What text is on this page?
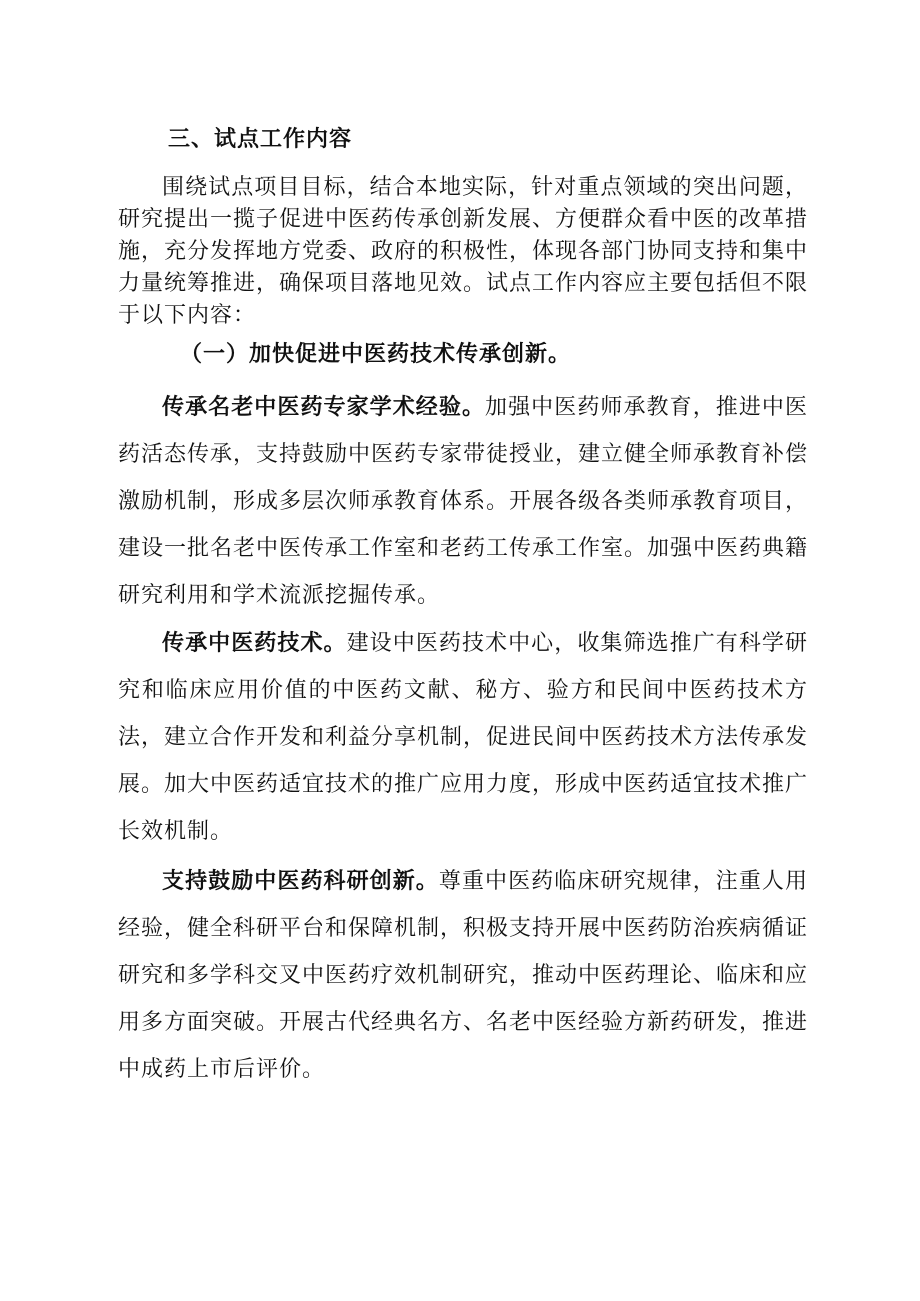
三、试点工作内容

围绕试点项目目标，结合本地实际，针对重点领域的突出问题，研究提出一揽子促进中医药传承创新发展、方便群众看中医的改革措施，充分发挥地方党委、政府的积极性，体现各部门协同支持和集中力量统筹推进，确保项目落地见效。试点工作内容应主要包括但不限于以下内容：

（一）加快促进中医药技术传承创新。

传承名老中医药专家学术经验。加强中医药师承教育，推进中医药活态传承，支持鼓励中医药专家带徒授业，建立健全师承教育补偿激励机制，形成多层次师承教育体系。开展各级各类师承教育项目，建设一批名老中医传承工作室和老药工传承工作室。加强中医药典籍研究利用和学术流派挖掘传承。

传承中医药技术。建设中医药技术中心，收集筛选推广有科学研究和临床应用价值的中医药文献、秘方、验方和民间中医药技术方法，建立合作开发和利益分享机制，促进民间中医药技术方法传承发展。加大中医药适宜技术的推广应用力度，形成中医药适宜技术推广长效机制。

支持鼓励中医药科研创新。尊重中医药临床研究规律，注重人用经验，健全科研平台和保障机制，积极支持开展中医药防治疾病循证研究和多学科交叉中医药疗效机制研究，推动中医药理论、临床和应用多方面突破。开展古代经典名方、名老中医经验方新药研发，推进中成药上市后评价。
